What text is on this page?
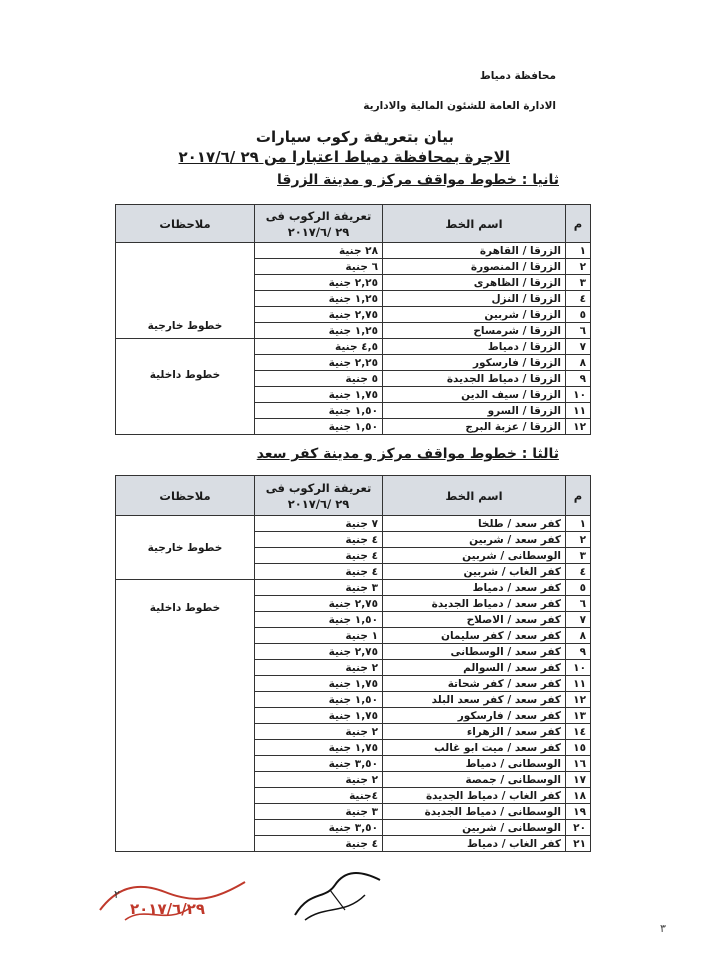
محافظة دمياط
الادارة العامة للشئون المالية والادارية
بيان بتعريفة ركوب سيارات
الاجرة بمحافظة دمياط اعتبارا من ٢٩ /٢٠١٧/٦
ثانيا : خطوط مواقف مركز و مدينة الزرقا
م	اسم الخط	تعريفة الركوب فى ٢٩ /٢٠١٧/٦	ملاحظات
١	الزرقا / القاهرة	٢٨ جنية	خطوط خارجية
٢	الزرقا / المنصورة	٦ جنية	
٣	الزرقا / الظاهرى	٢,٢٥ جنية	
٤	الزرقا / النزل	١,٢٥ جنية	
٥	الزرقا / شربين	٢,٧٥ جنية	
٦	الزرقا / شرمساح	١,٢٥ جنية	
٧	الزرقا / دمياط	٤,٥ جنية	خطوط داخلية
٨	الزرقا / فارسكور	٢,٢٥ جنية	
٩	الزرقا / دمياط الجديدة	٥ جنية	
١٠	الزرقا / سيف الدين	١,٧٥ جنية	
١١	الزرقا / السرو	١,٥٠ جنية	
١٢	الزرقا / عزبة البرج	١,٥٠ جنية	
ثالثا : خطوط مواقف مركز و مدينة كفر سعد
م	اسم الخط	تعريفة الركوب فى ٢٩ /٢٠١٧/٦	ملاحظات
١	كفر سعد / طلخا	٧ جنية	خطوط خارجية
٢	كفر سعد / شربين	٤ جنية	
٣	الوسطانى / شربين	٤ جنية	
٤	كفر الغاب / شربين	٤ جنية	
٥	كفر سعد / دمياط	٣ جنية	خطوط داخلية
٦	كفر سعد / دمياط الجديدة	٢,٧٥ جنية	
٧	كفر سعد / الاصلاح	١,٥٠ جنية	
٨	كفر سعد / كفر سليمان	١ جنية	
٩	كفر سعد / الوسطانى	٢,٧٥ جنية	
١٠	كفر سعد / السوالم	٢ جنية	
١١	كفر سعد / كفر شحاتة	١,٧٥ جنية	
١٢	كفر سعد / كفر سعد البلد	١,٥٠ جنية	
١٣	كفر سعد / فارسكور	١,٧٥ جنية	
١٤	كفر سعد / الزهراء	٢ جنية	
١٥	كفر سعد / ميت ابو غالب	١,٧٥ جنية	
١٦	الوسطانى / دمياط	٣,٥٠ جنية	
١٧	الوسطانى / جمصة	٢ جنية	
١٨	كفر الغاب / دمياط الجديدة	٤جنية	
١٩	الوسطانى / دمياط الجديدة	٣ جنية	
٢٠	الوسطانى / شربين	٣,٥٠ جنية	
٢١	كفر الغاب / دمياط	٤ جنية	
٢٠١٧/٦/٢٩
٢
٣
